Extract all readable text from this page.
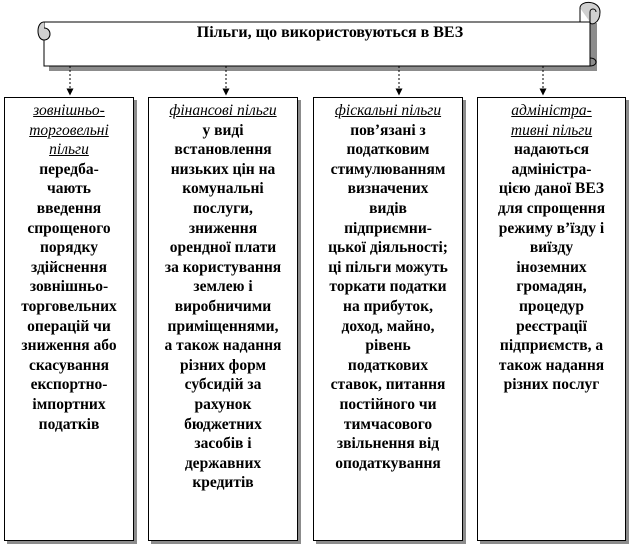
Пільги, що використовуються в ВЕЗ
зовнішньо-
торговельні
пільги
передба-
чають
введення
спрощеного
порядку
здійснення
зовнішньо-
торговельних
операцій чи
зниження або
скасування
експортно-
імпортних
податків
фінансові пільги
у виді
встановлення
низьких цін на
комунальні
послуги,
зниження
орендної плати
за користування
землею і
виробничими
приміщеннями,
а також надання
різних форм
субсидій за
рахунок
бюджетних
засобів і
державних
кредитів
фіскальні пільги
пов’язані з
податковим
стимулюванням
визначених
видів
підприємни-
цької діяльності;
ці пільги можуть
торкати податки
на прибуток,
доход, майно,
рівень
податкових
ставок, питання
постійного чи
тимчасового
звільнення від
оподаткування
адміністра-
тивні пільги
надаються
адміністра-
цією даної ВЕЗ
для спрощення
режиму в’їзду і
виїзду
іноземних
громадян,
процедур
реєстрації
підприємств, а
також надання
різних послуг
